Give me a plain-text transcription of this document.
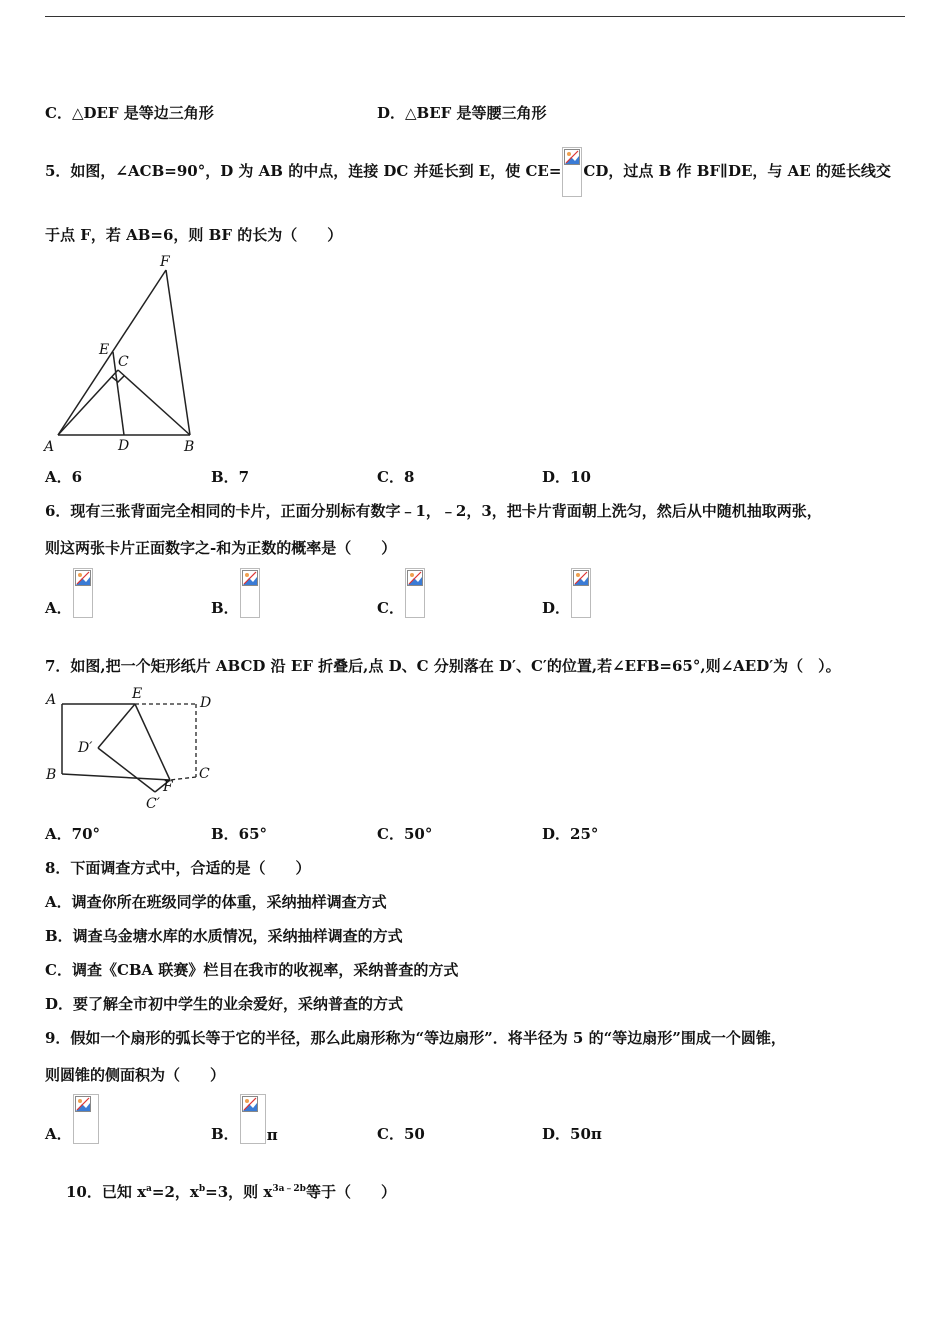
C．△DEF 是等边三角形	D．△BEF 是等腰三角形
5．如图，∠ACB=90°，D 为 AB 的中点，连接 DC 并延长到 E，使 CE= CD，过点 B 作 BF∥DE，与 AE 的延长线交
于点 F，若 AB=6，则 BF 的长为（　　）
F
E
C
A	D	B
A．6	B．7	C．8	D．10
6．现有三张背面完全相同的卡片，正面分别标有数字﹣1，﹣2，3，把卡片背面朝上洗匀，然后从中随机抽取两张，
则这两张卡片正面数字之-和为正数的概率是（　　）
A．	B．	C．	D．
7．如图,把一个矩形纸片 ABCD 沿 EF 折叠后,点 D、C 分别落在 D′、C′的位置,若∠EFB=65°,则∠AED′为（　）。
A	E
D
D′
B
F
C
C′
A．70°	B．65°	C．50°	D．25°
8．下面调查方式中，合适的是（　　）
A．调查你所在班级同学的体重，采纳抽样调查方式
B．调查乌金塘水库的水质情况，采纳抽样调查的方式
C．调查《CBA 联赛》栏目在我市的收视率，采纳普查的方式
D．要了解全市初中学生的业余爱好，采纳普查的方式
9．假如一个扇形的弧长等于它的半径，那么此扇形称为“等边扇形”．将半径为 5 的“等边扇形”围成一个圆锥，
则圆锥的侧面积为（　　）
A．	B． π	C．50	D．50π
10．已知 $x^a=2$，$x^b=3$，则 $x^{3a﹣2b}$等于（　　）
